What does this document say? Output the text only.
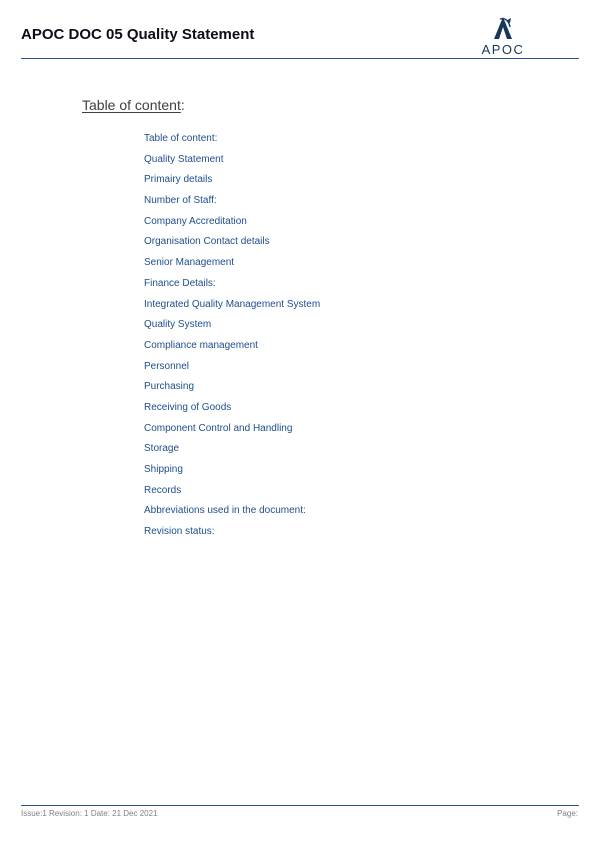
APOC DOC 05 Quality Statement
APOC
Table of content:
Table of content:
Quality Statement
Primairy details
Number of Staff:
Company Accreditation
Organisation Contact details
Senior Management
Finance Details:
Integrated Quality Management System
Quality System
Compliance management
Personnel
Purchasing
Receiving of Goods
Component Control and Handling
Storage
Shipping
Records
Abbreviations used in the document:
Revision status:
Issue:1 Revision: 1 Date: 21 Dec 2021	Page:
